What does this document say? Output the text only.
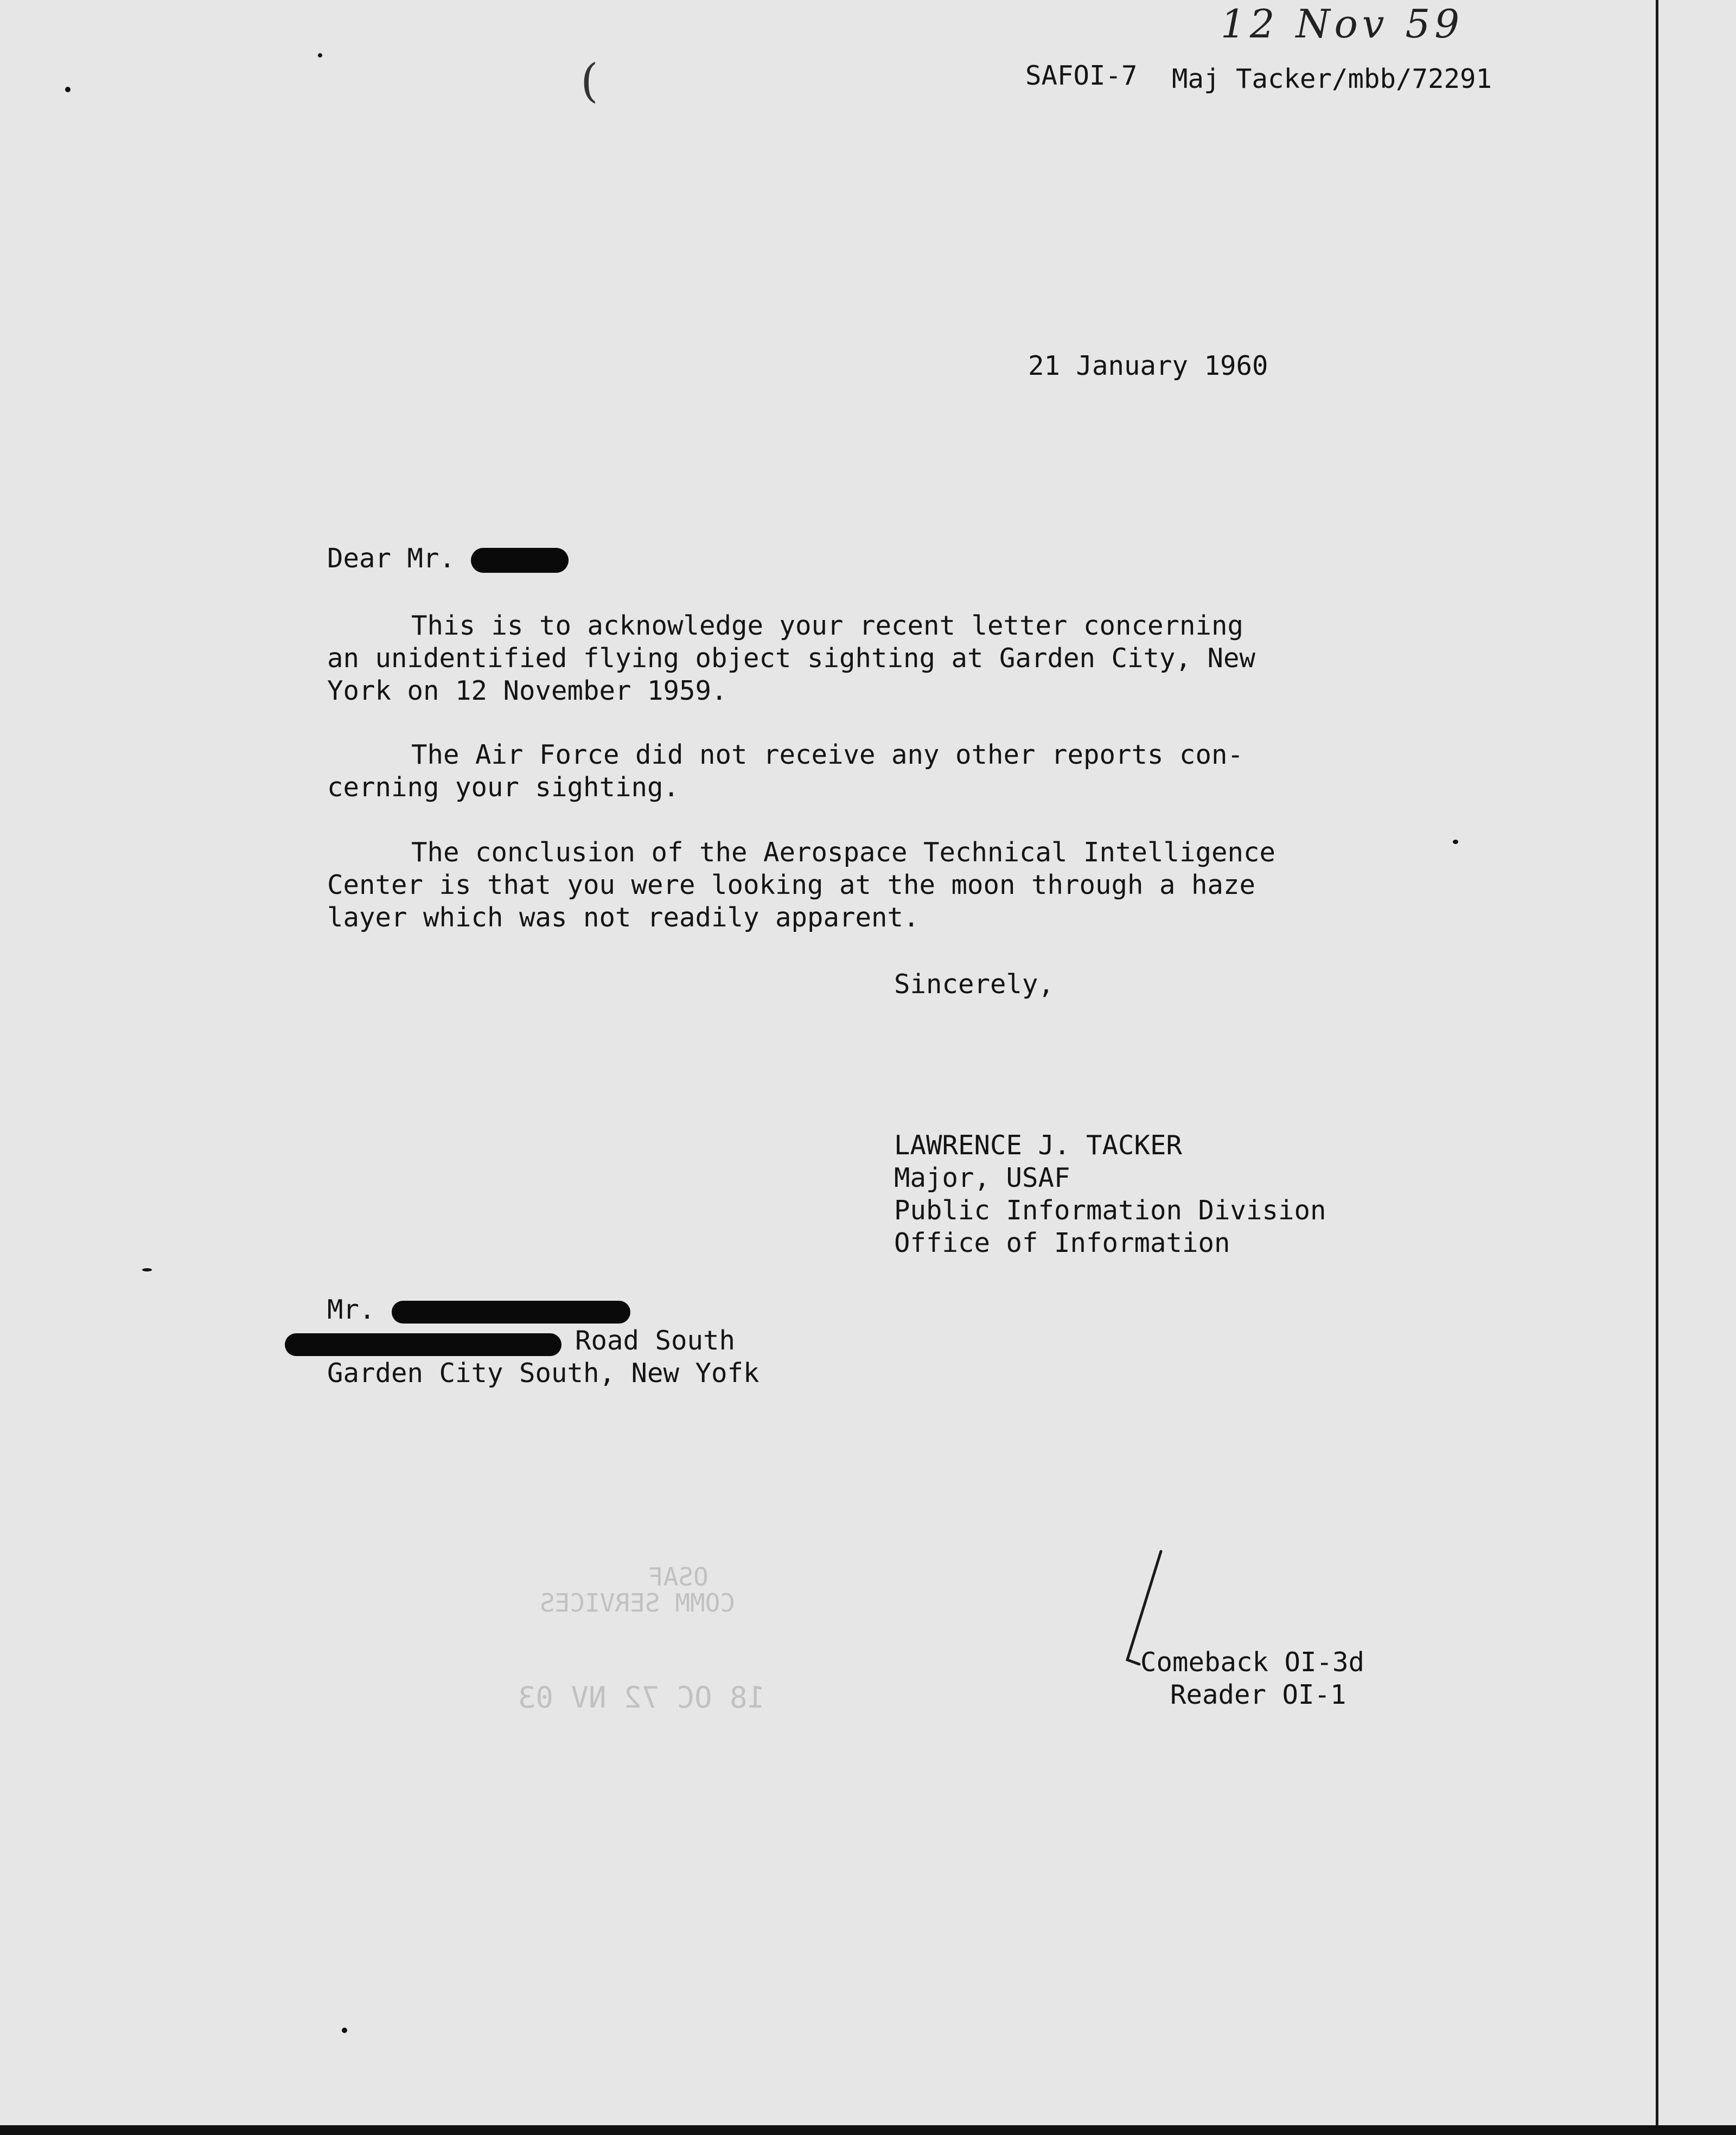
12 Nov 59
SAFOI-7 Maj Tacker/mbb/72291
21 January 1960
Dear Mr.
This is to acknowledge your recent letter concerning
an unidentified flying object sighting at Garden City, New
York on 12 November 1959.
The Air Force did not receive any other reports con-
cerning your sighting.
The conclusion of the Aerospace Technical Intelligence
Center is that you were looking at the moon through a haze
layer which was not readily apparent.
Sincerely,
LAWRENCE J. TACKER
Major, USAF
Public Information Division
Office of Information
Mr.
Road South
Garden City South, New Yofk
OSAF
COMM SERVICES
18 OC 72 NV 03
Comeback OI-3d
Reader OI-1
(
